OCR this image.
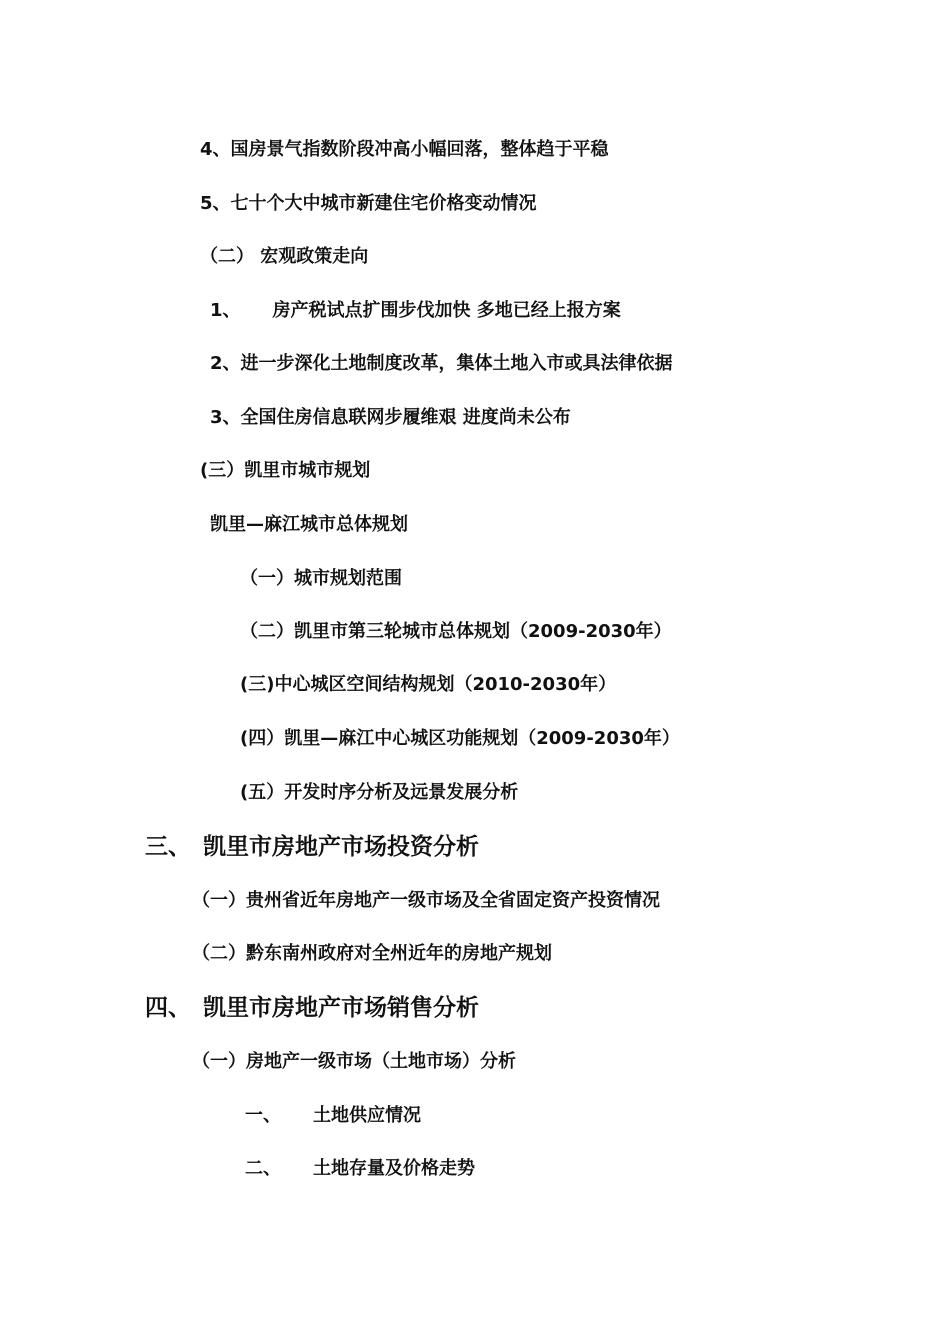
4、国房景气指数阶段冲高小幅回落，整体趋于平稳
5、七十个大中城市新建住宅价格变动情况
（二） 宏观政策走向
1、 房产税试点扩围步伐加快 多地已经上报方案
2、进一步深化土地制度改革，集体土地入市或具法律依据
3、全国住房信息联网步履维艰 进度尚未公布
(三）凯里市城市规划
凯里—麻江城市总体规划
（一）城市规划范围
（二）凯里市第三轮城市总体规划（2009-2030年）
(三)中心城区空间结构规划（2010-2030年）
(四）凯里—麻江中心城区功能规划（2009-2030年）
(五）开发时序分析及远景发展分析
三、 凯里市房地产市场投资分析
（一）贵州省近年房地产一级市场及全省固定资产投资情况
（二）黔东南州政府对全州近年的房地产规划
四、 凯里市房地产市场销售分析
（一）房地产一级市场（土地市场）分析
一、 土地供应情况
二、 土地存量及价格走势
